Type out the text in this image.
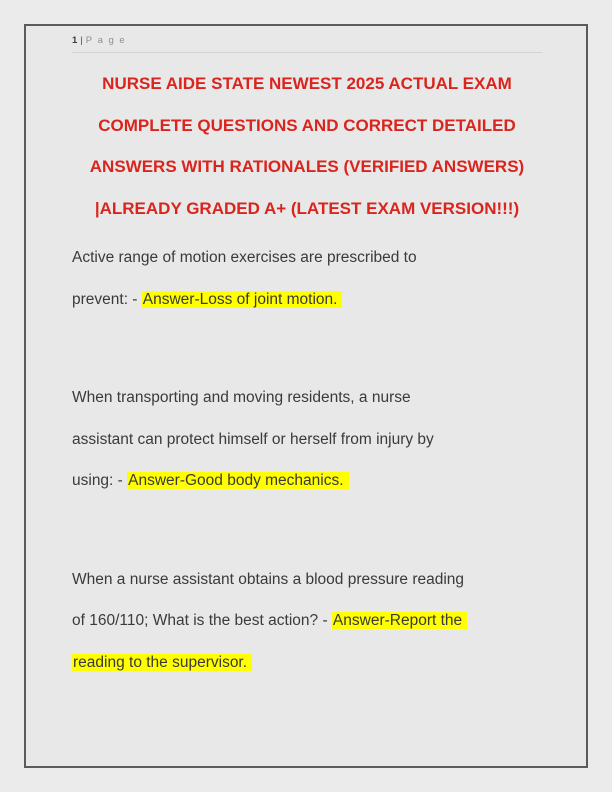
1 | P a g e
NURSE AIDE STATE NEWEST 2025 ACTUAL EXAM
COMPLETE QUESTIONS AND CORRECT DETAILED
ANSWERS WITH RATIONALES (VERIFIED ANSWERS)
|ALREADY GRADED A+ (LATEST EXAM VERSION!!!)
Active range of motion exercises are prescribed to
prevent: - Answer-Loss of joint motion.
When transporting and moving residents, a nurse
assistant can protect himself or herself from injury by
using: - Answer-Good body mechanics.
When a nurse assistant obtains a blood pressure reading
of 160/110; What is the best action? - Answer-Report the
reading to the supervisor.
